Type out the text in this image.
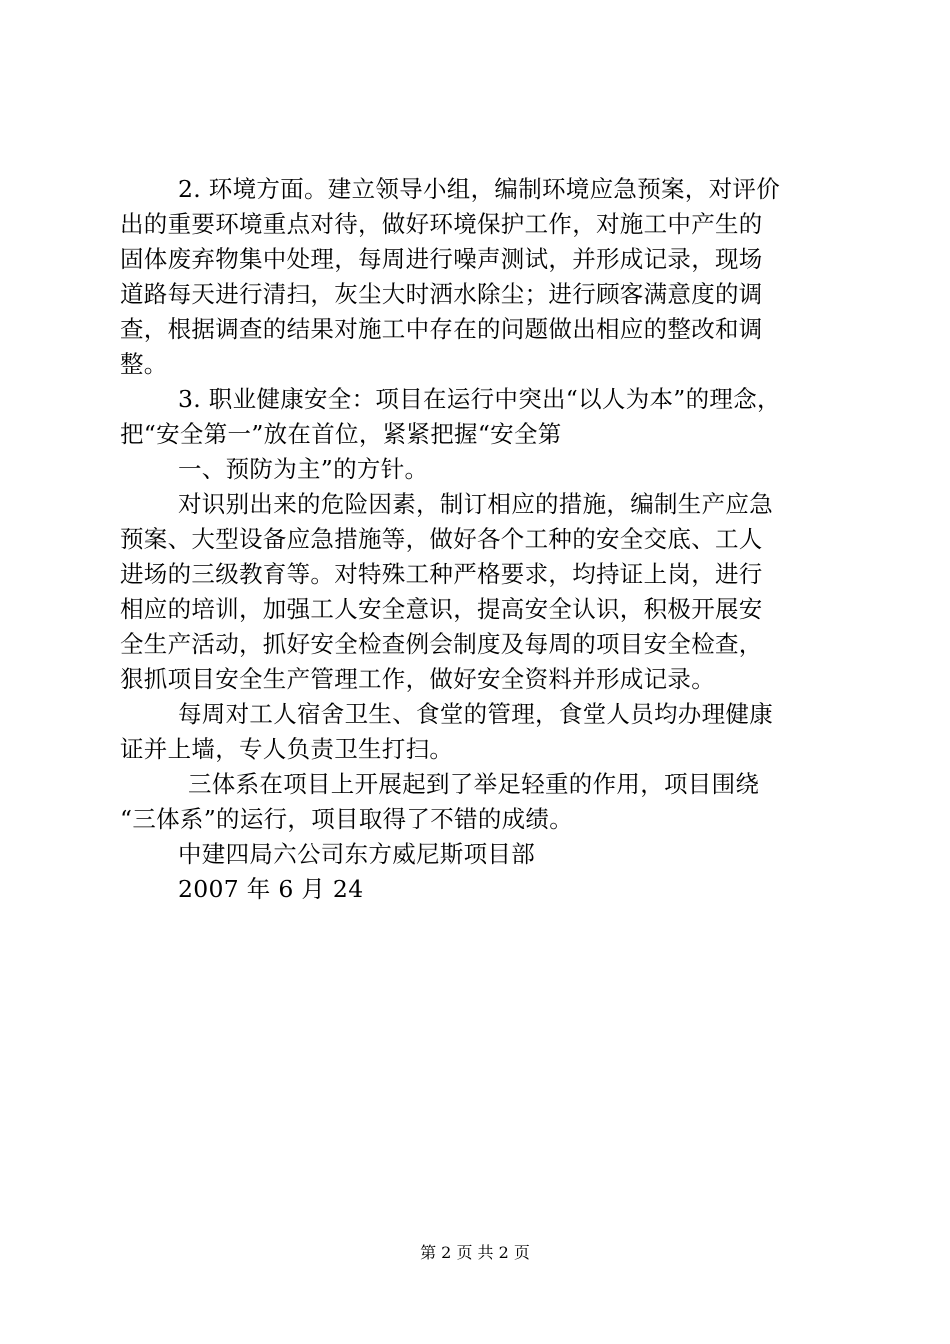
2. 环境方面。建立领导小组，编制环境应急预案，对评价
出的重要环境重点对待，做好环境保护工作，对施工中产生的
固体废弃物集中处理，每周进行噪声测试，并形成记录，现场
道路每天进行清扫，灰尘大时洒水除尘；进行顾客满意度的调
查，根据调查的结果对施工中存在的问题做出相应的整改和调
整。

3. 职业健康安全：项目在运行中突出“以人为本”的理念，
把“安全第一”放在首位，紧紧把握“安全第

一、预防为主”的方针。

对识别出来的危险因素，制订相应的措施，编制生产应急
预案、大型设备应急措施等，做好各个工种的安全交底、工人
进场的三级教育等。对特殊工种严格要求，均持证上岗，进行
相应的培训，加强工人安全意识，提高安全认识，积极开展安
全生产活动，抓好安全检查例会制度及每周的项目安全检查，
狠抓项目安全生产管理工作，做好安全资料并形成记录。

每周对工人宿舍卫生、食堂的管理，食堂人员均办理健康
证并上墙，专人负责卫生打扫。

三体系在项目上开展起到了举足轻重的作用，项目围绕
“三体系”的运行，项目取得了不错的成绩。

中建四局六公司东方威尼斯项目部

2007 年 6 月 24

第 2 页 共 2 页
